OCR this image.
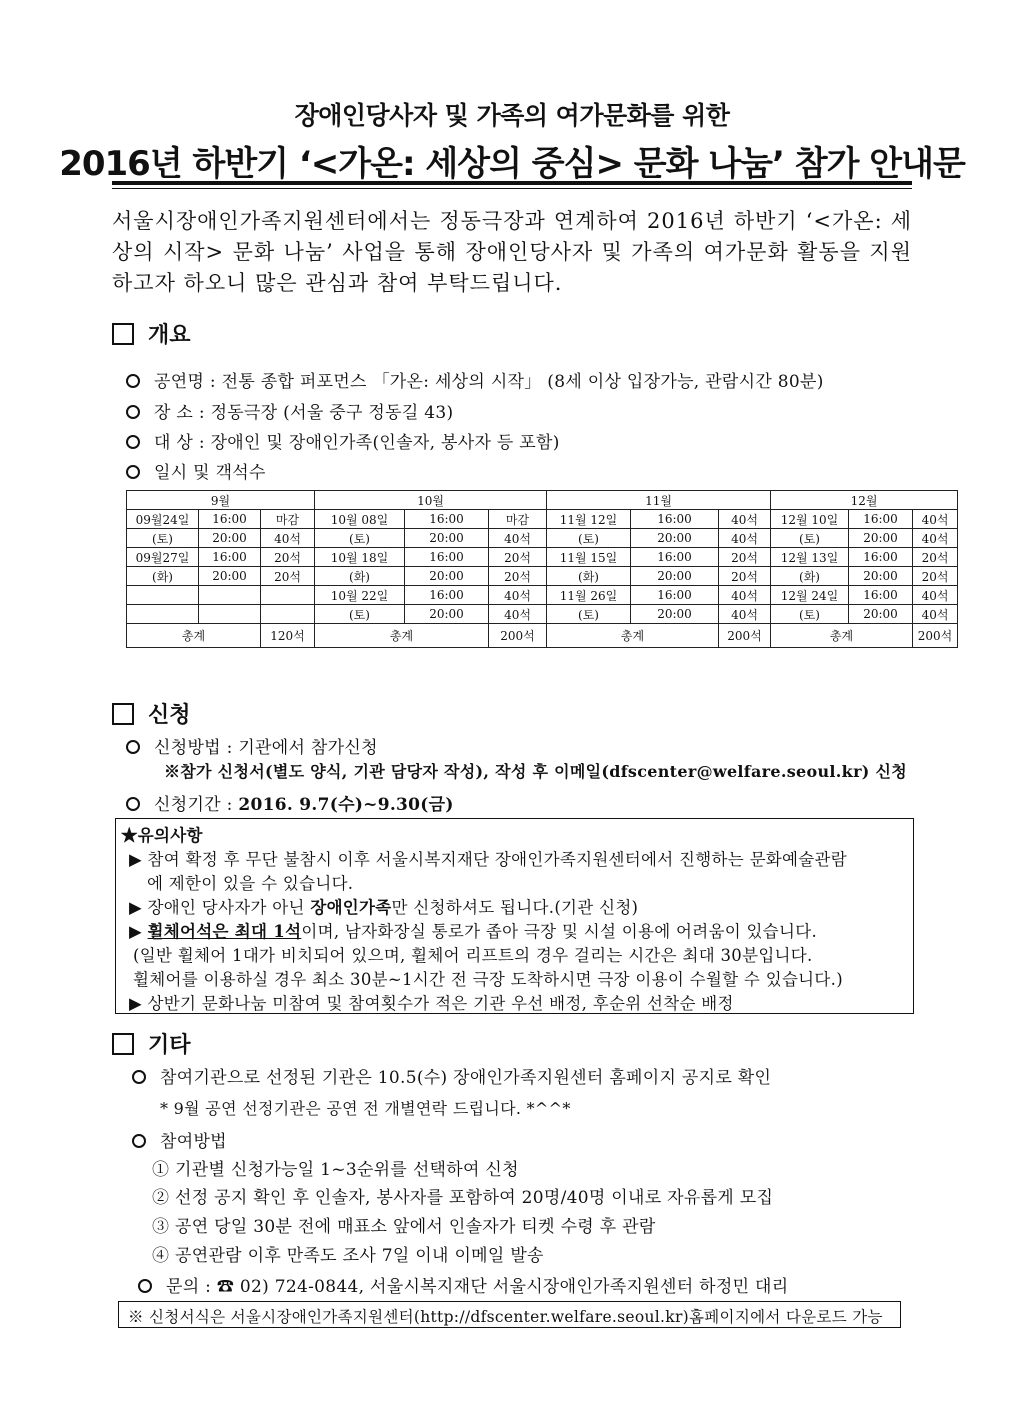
장애인당사자 및 가족의 여가문화를 위한
2016년 하반기 ‘<가온: 세상의 중심> 문화 나눔’ 참가 안내문
서울시장애인가족지원센터에서는 정동극장과 연계하여 2016년 하반기 ‘<가온: 세상의 시작> 문화 나눔’ 사업을 통해 장애인당사자 및 가족의 여가문화 활동을 지원하고자 하오니 많은 관심과 참여 부탁드립니다.
개요
공연명 : 전통 종합 퍼포먼스 「가온: 세상의 시작」 (8세 이상 입장가능, 관람시간 80분)
장 소 : 정동극장 (서울 중구 정동길 43)
대 상 : 장애인 및 장애인가족(인솔자, 봉사자 등 포함)
일시 및 객석수
9월			10월			11월			12월		
09월24일	16:00	마감	10월 08일	16:00	마감	11월 12일	16:00	40석	12월 10일	16:00	40석
(토)	20:00	40석	(토)	20:00	40석	(토)	20:00	40석	(토)	20:00	40석
09월27일	16:00	20석	10월 18일	16:00	20석	11월 15일	16:00	20석	12월 13일	16:00	20석
(화)	20:00	20석	(화)	20:00	20석	(화)	20:00	20석	(화)	20:00	20석
			10월 22일	16:00	40석	11월 26일	16:00	40석	12월 24일	16:00	40석
			(토)	20:00	40석	(토)	20:00	40석	(토)	20:00	40석
총계		120석	총계		200석	총계		200석	총계		200석
신청
신청방법 : 기관에서 참가신청
※참가 신청서(별도 양식, 기관 담당자 작성), 작성 후 이메일(dfscenter@welfare.seoul.kr) 신청
신청기간 : 2016. 9.7(수)~9.30(금)
★유의사항
▶ 참여 확정 후 무단 불참시 이후 서울시복지재단 장애인가족지원센터에서 진행하는 문화예술관람
에 제한이 있을 수 있습니다.
▶ 장애인 당사자가 아닌 장애인가족만 신청하셔도 됩니다.(기관 신청)
▶ 휠체어석은 최대 1석이며, 남자화장실 통로가 좁아 극장 및 시설 이용에 어려움이 있습니다.
(일반 휠체어 1대가 비치되어 있으며, 휠체어 리프트의 경우 걸리는 시간은 최대 30분입니다.
휠체어를 이용하실 경우 최소 30분~1시간 전 극장 도착하시면 극장 이용이 수월할 수 있습니다.)
▶ 상반기 문화나눔 미참여 및 참여횟수가 적은 기관 우선 배정, 후순위 선착순 배정
기타
참여기관으로 선정된 기관은 10.5(수) 장애인가족지원센터 홈페이지 공지로 확인
* 9월 공연 선정기관은 공연 전 개별연락 드립니다. *^^*
참여방법
① 기관별 신청가능일 1~3순위를 선택하여 신청
② 선정 공지 확인 후 인솔자, 봉사자를 포함하여 20명/40명 이내로 자유롭게 모집
③ 공연 당일 30분 전에 매표소 앞에서 인솔자가 티켓 수령 후 관람
④ 공연관람 이후 만족도 조사 7일 이내 이메일 발송
문의 : ☎ 02) 724-0844, 서울시복지재단 서울시장애인가족지원센터 하정민 대리
※ 신청서식은 서울시장애인가족지원센터(http://dfscenter.welfare.seoul.kr)홈페이지에서 다운로드 가능
